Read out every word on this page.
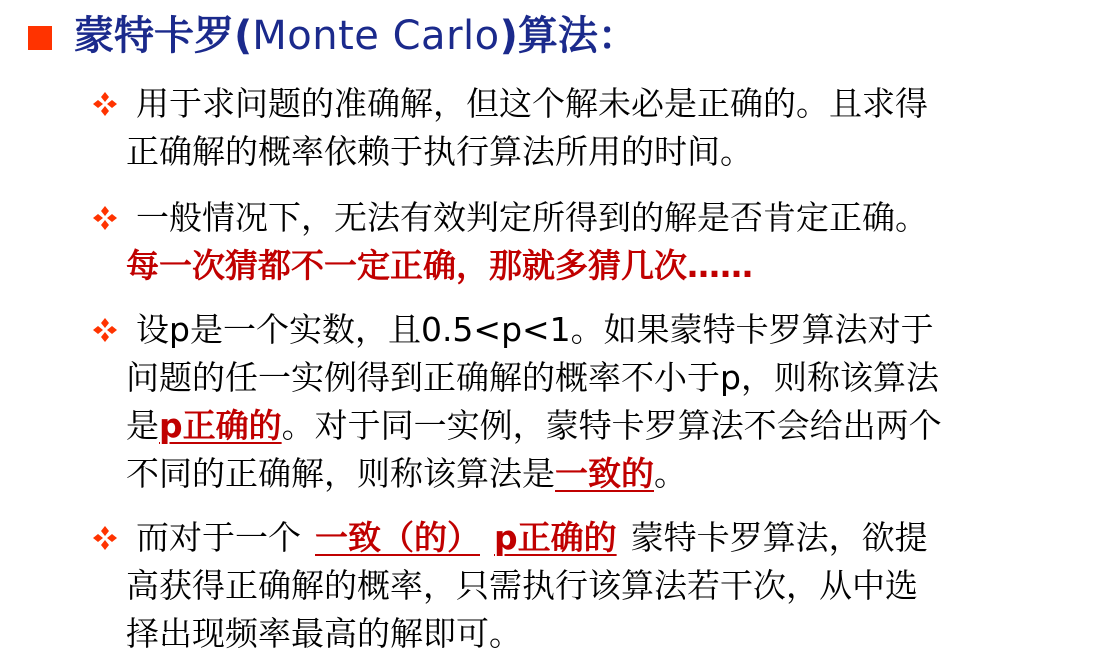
蒙特卡罗(Monte Carlo)算法：
用于求问题的准确解，但这个解未必是正确的。且求得
正确解的概率依赖于执行算法所用的时间。
一般情况下，无法有效判定所得到的解是否肯定正确。
每一次猜都不一定正确，那就多猜几次……
设p是一个实数，且0.5<p<1。如果蒙特卡罗算法对于
问题的任一实例得到正确解的概率不小于p，则称该算法
是p正确的。对于同一实例，蒙特卡罗算法不会给出两个
不同的正确解，则称该算法是一致的。
而对于一个 一致（的） p正确的 蒙特卡罗算法，欲提
高获得正确解的概率，只需执行该算法若干次，从中选
择出现频率最高的解即可。
